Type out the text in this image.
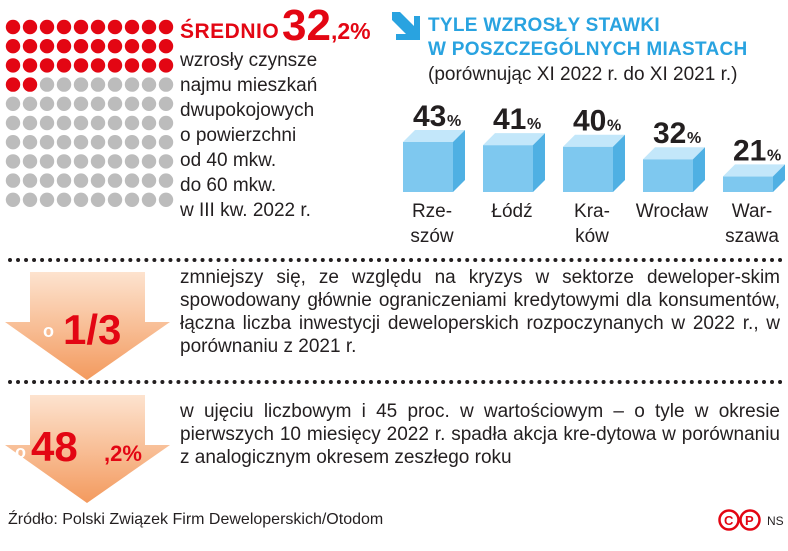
ŚREDNIO 32 ,2%
wzrosły czynsze
najmu mieszkań
dwupokojowych
o powierzchni
od 40 mkw.
do 60 mkw.
w III kw. 2022 r.
TYLE WZROSŁY STAWKI
W POSZCZEGÓLNYCH MIASTACH
(porównując XI 2022 r. do XI 2021 r.)
43 %
Rze-
szów
41 %
Łódź
40 %
Kra-
ków
32 %
Wrocław
21 %
War-
szawa
o 1/3
zmniejszy się, ze względu na kryzys w sektorze deweloper-skim spowodowany głównie ograniczeniami kredytowymi dla konsumentów, łączna liczba inwestycji deweloperskich rozpoczynanych w 2022 r., w porównaniu z 2021 r.
o 48 ,2%
w ujęciu liczbowym i 45 proc. w wartościowym – o tyle w okresie pierwszych 10 miesięcy 2022 r. spadła akcja kre-dytowa w porównaniu z analogicznym okresem zeszłego roku
Źródło: Polski Związek Firm Deweloperskich/Otodom	C P NS
